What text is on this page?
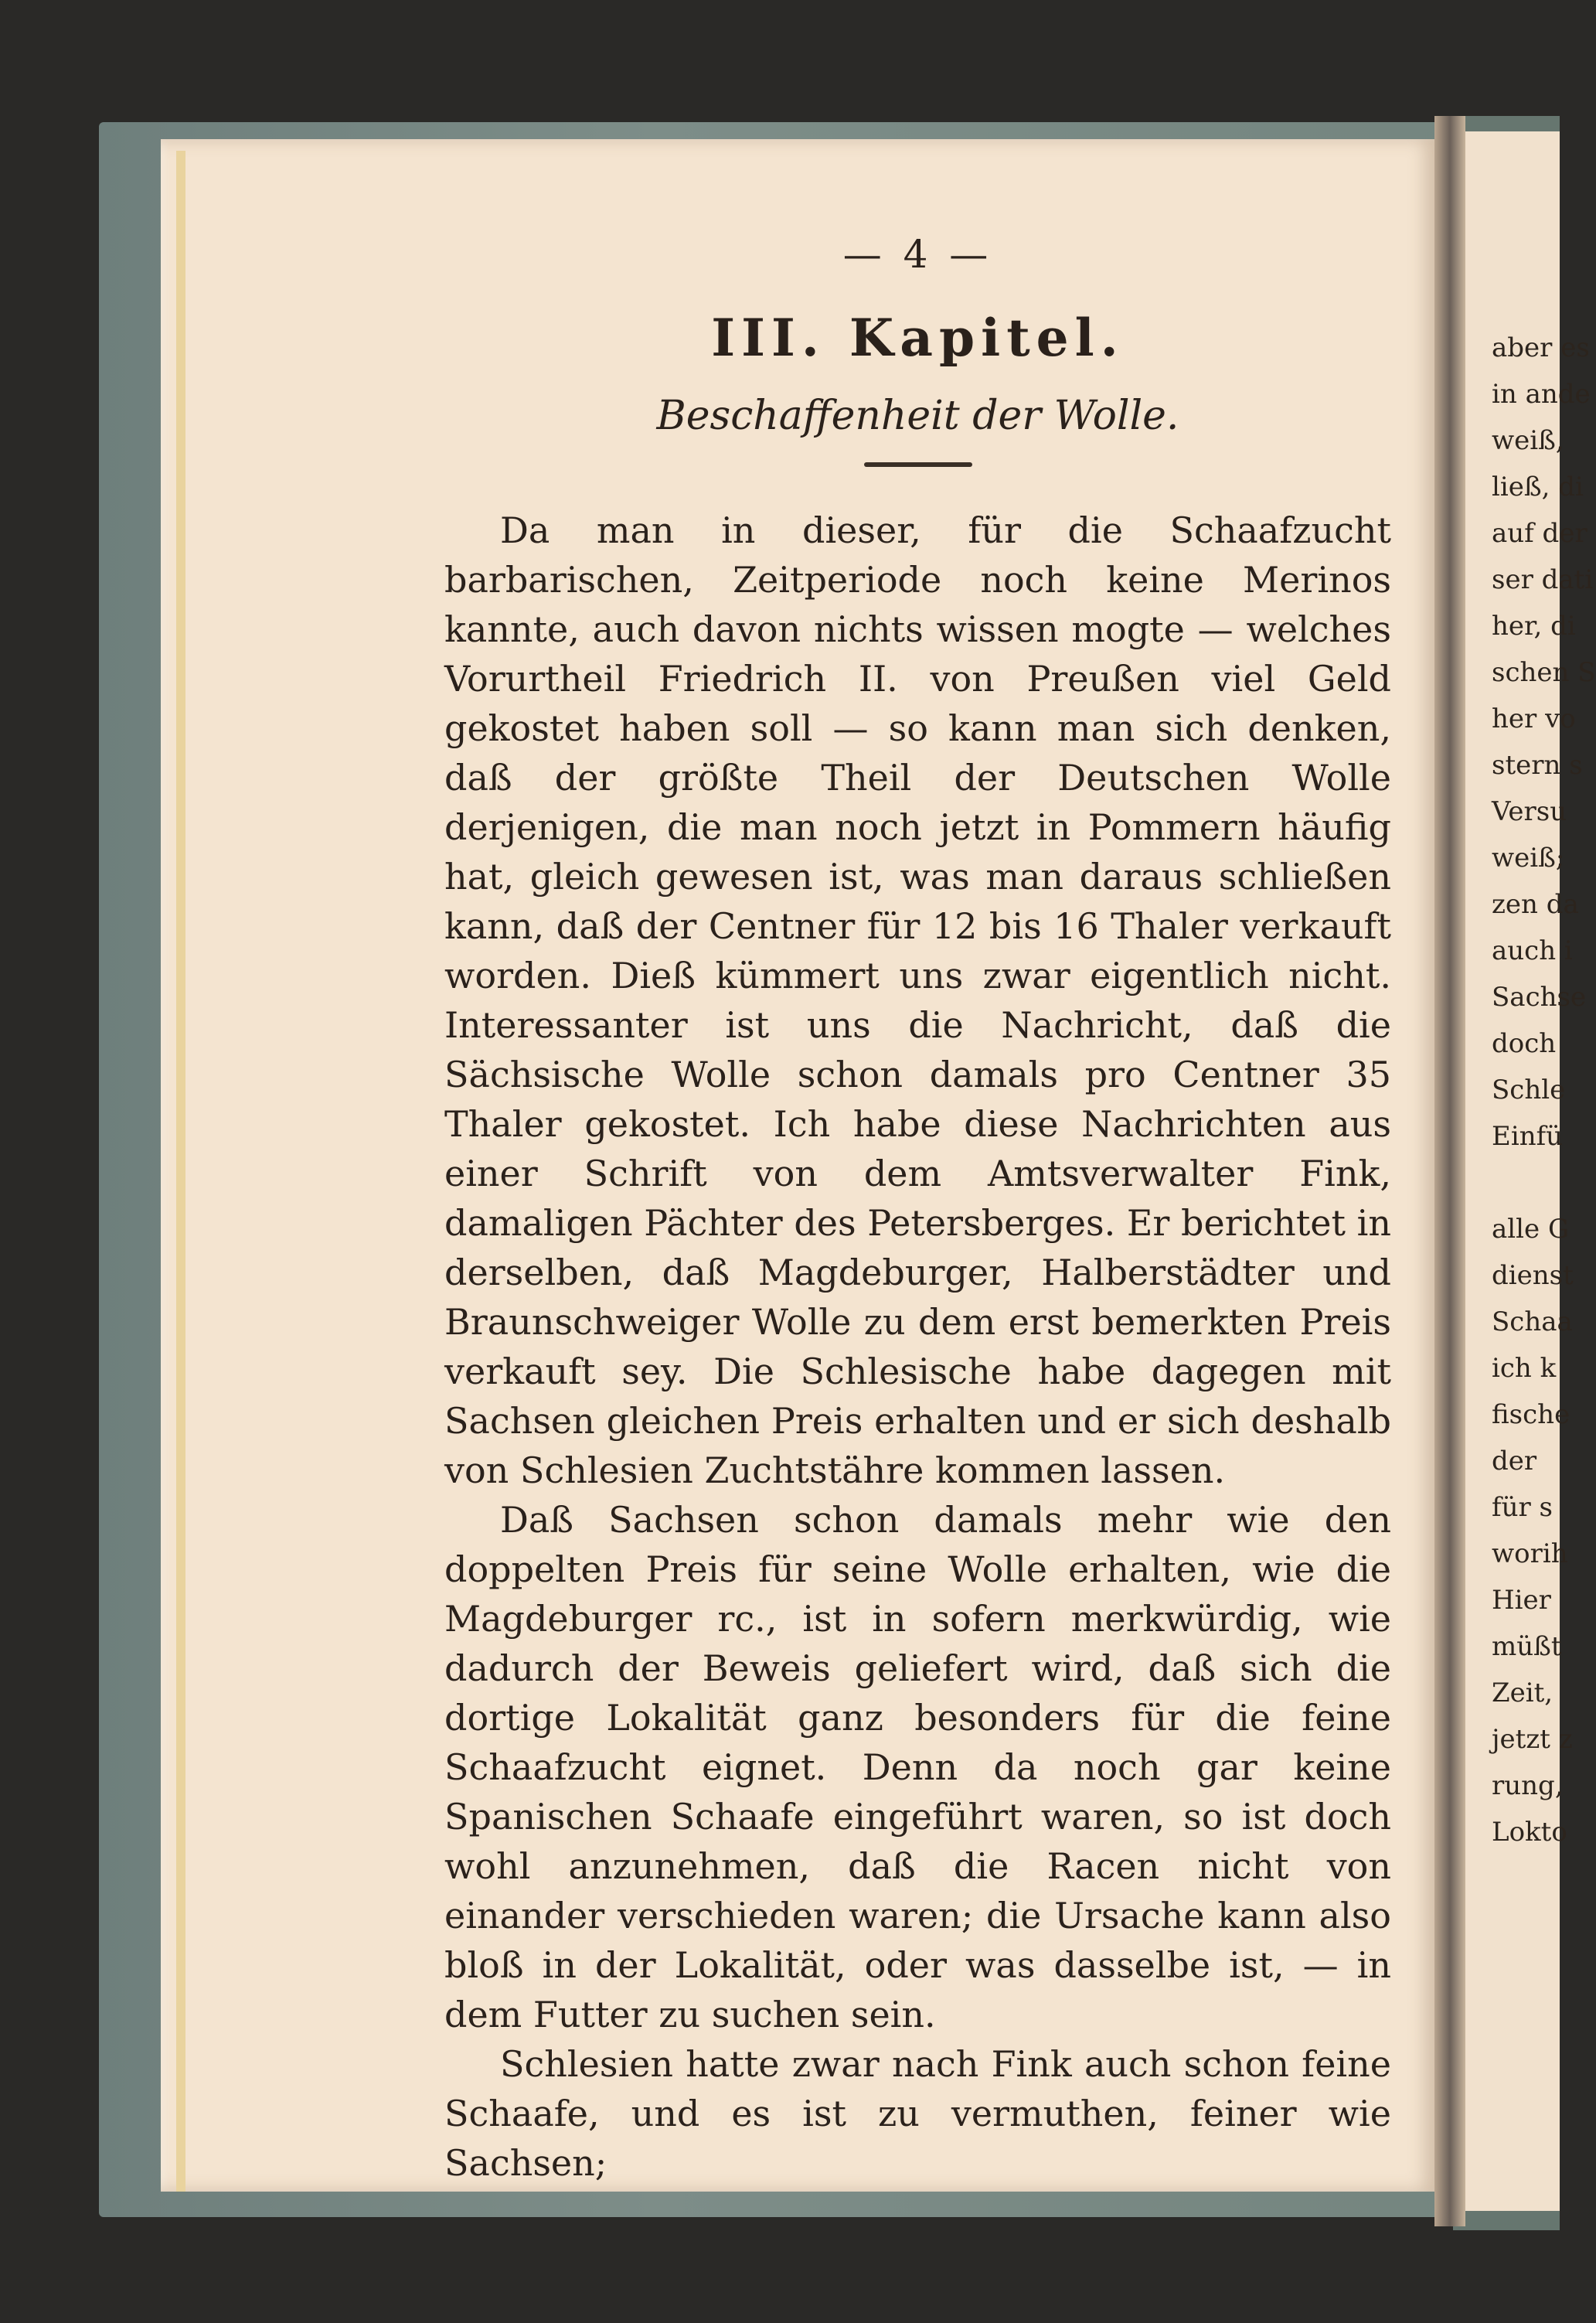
aber es
in ande
weiß,
ließ, di
auf der
ser dati
her, di
schen S
her vo
stern s
Versu
weiß;
zen da
auch i
Sachse
doch
Schle
Einfü
alle G
dienst
Schaa
ich k
fische
der
für s
worih
Hier
müßt
Zeit,
jetzt z
rung,
Lokto
— 4 —
III. Kapitel.
Beschaffenheit der Wolle.

Da man in dieser, für die Schaafzucht barbarischen, Zeitperiode noch keine Merinos kannte, auch davon nichts wissen mogte — welches Vorurtheil Friedrich II. von Preußen viel Geld gekostet haben soll — so kann man sich denken, daß der größte Theil der Deutschen Wolle derjenigen, die man noch jetzt in Pommern häufig hat, gleich gewesen ist, was man daraus schließen kann, daß der Centner für 12 bis 16 Thaler verkauft worden. Dieß kümmert uns zwar eigentlich nicht. Interessanter ist uns die Nachricht, daß die Sächsische Wolle schon damals pro Centner 35 Thaler gekostet. Ich habe diese Nachrichten aus einer Schrift von dem Amtsverwalter Fink, damaligen Pächter des Petersberges. Er berichtet in derselben, daß Magdeburger, Halberstädter und Braunschweiger Wolle zu dem erst bemerkten Preis verkauft sey. Die Schlesische habe dagegen mit Sachsen gleichen Preis erhalten und er sich deshalb von Schlesien Zuchtstähre kommen lassen.

Daß Sachsen schon damals mehr wie den doppelten Preis für seine Wolle erhalten, wie die Magdeburger rc., ist in sofern merkwürdig, wie dadurch der Beweis geliefert wird, daß sich die dortige Lokalität ganz besonders für die feine Schaafzucht eignet. Denn da noch gar keine Spanischen Schaafe eingeführt waren, so ist doch wohl anzunehmen, daß die Racen nicht von einander verschieden waren; die Ursache kann also bloß in der Lokalität, oder was dasselbe ist, — in dem Futter zu suchen sein.

Schlesien hatte zwar nach Fink auch schon feine Schaafe, und es ist zu vermuthen, feiner wie Sachsen;
